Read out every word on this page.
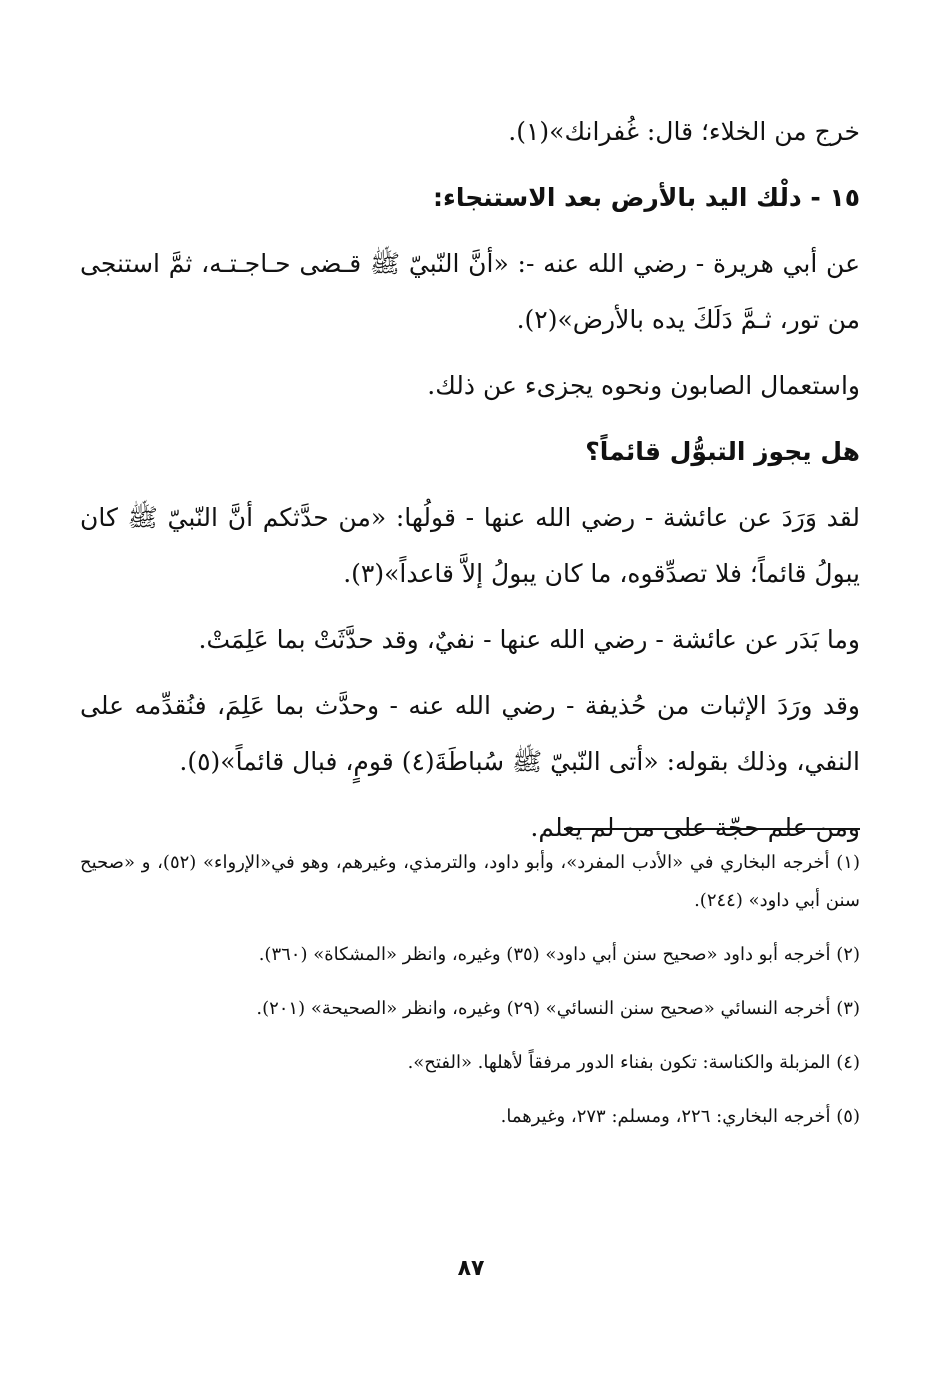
خرج من الخلاء؛ قال: غُفرانك»(١).

١٥ - دلْك اليد بالأرض بعد الاستنجاء:

عن أبي هريرة - رضي الله عنه -: «أنَّ النّبيّ ﷺ قـضى حـاجـتـه، ثمَّ استنجى من تور، ثـمَّ دَلَكَ يده بالأرض»(٢).

واستعمال الصابون ونحوه يجزىء عن ذلك.

هل يجوز التبوُّل قائماً؟

لقد وَرَدَ عن عائشة - رضي الله عنها - قولُها: «من حدَّثكم أنَّ النّبيّ ﷺ كان يبولُ قائماً؛ فلا تصدِّقوه، ما كان يبولُ إلاَّ قاعداً»(٣).

وما بَدَر عن عائشة - رضي الله عنها - نفيٌ، وقد حدَّثَتْ بما عَلِمَتْ.

وقد ورَدَ الإثبات من حُذيفة - رضي الله عنه - وحدَّث بما عَلِمَ، فنُقدِّمه على النفي، وذلك بقوله: «أتى النّبيّ ﷺ سُباطَةَ(٤) قومٍ، فبال قائماً»(٥).

ومن علم حجّة على من لم يعلم.

(١) أخرجه البخاري في «الأدب المفرد»، وأبو داود، والترمذي، وغيرهم، وهو في«الإرواء» (٥٢)، و «صحيح سنن أبي داود» (٢٤٤).

(٢) أخرجه أبو داود «صحيح سنن أبي داود» (٣٥) وغيره، وانظر «المشكاة» (٣٦٠).

(٣) أخرجه النسائي «صحيح سنن النسائي» (٢٩) وغيره، وانظر «الصحيحة» (٢٠١).

(٤) المزبلة والكناسة: تكون بفناء الدور مرفقاً لأهلها. «الفتح».

(٥) أخرجه البخاري: ٢٢٦، ومسلم: ٢٧٣، وغيرهما.

٨٧
